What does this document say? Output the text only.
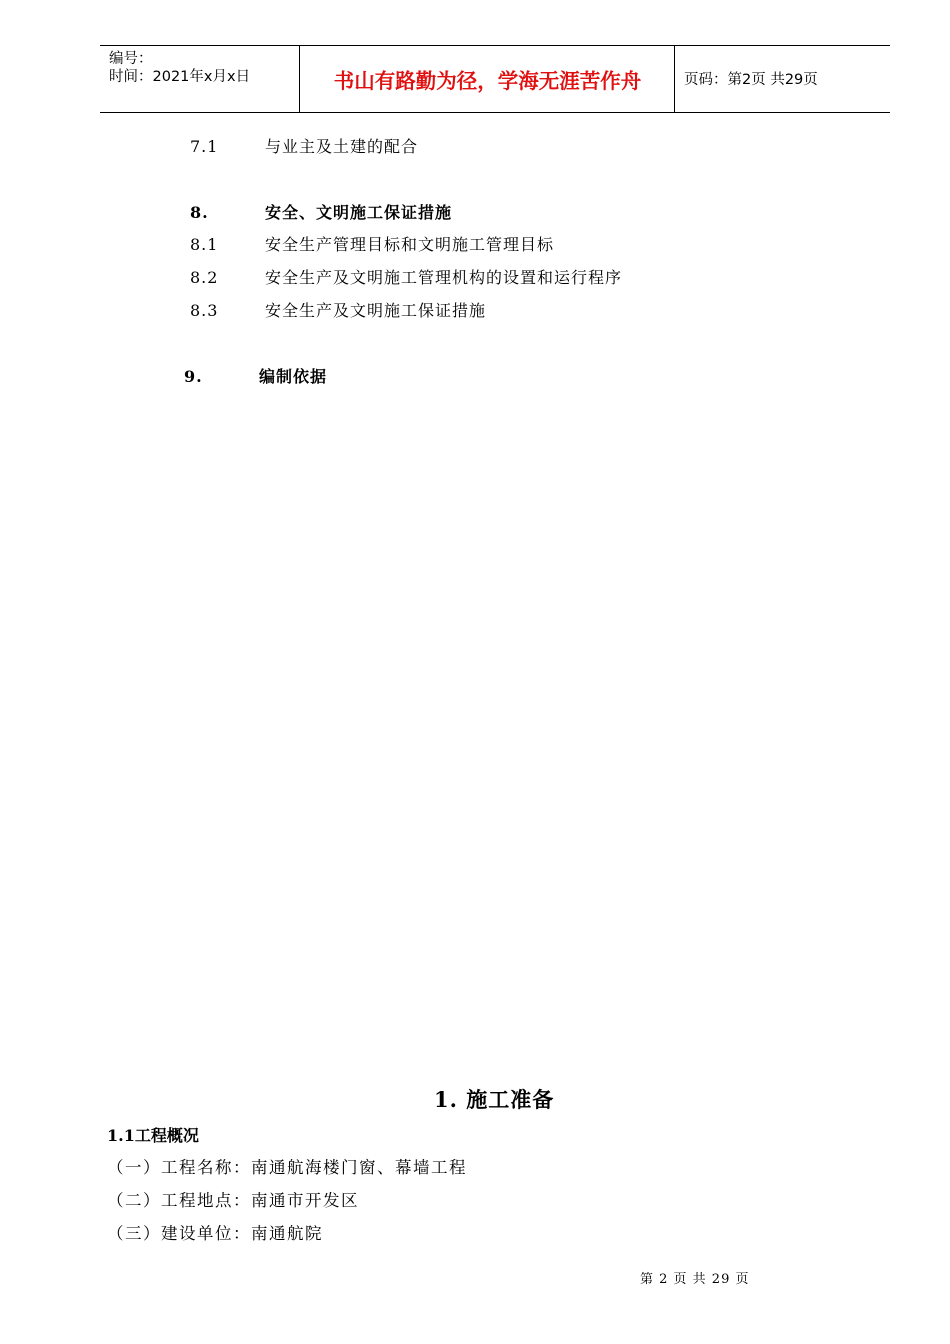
编号：
时间：2021年x月x日	书山有路勤为径，学海无涯苦作舟	页码：第2页 共29页
7.1	与业主及土建的配合
8.	安全、文明施工保证措施
8.1	安全生产管理目标和文明施工管理目标
8.2	安全生产及文明施工管理机构的设置和运行程序
8.3	安全生产及文明施工保证措施
9.	编制依据
1. 施工准备
1.1工程概况
（一）工程名称：南通航海楼门窗、幕墙工程
（二）工程地点：南通市开发区
（三）建设单位：南通航院
第 2 页 共 29 页
